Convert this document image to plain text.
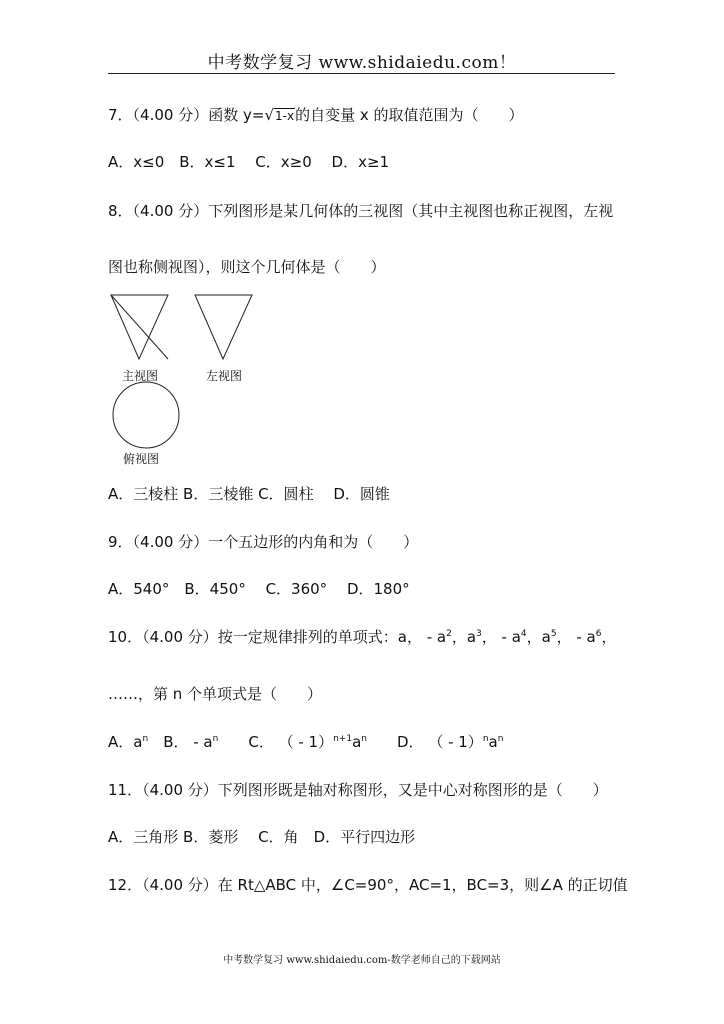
中考数学复习 www.shidaiedu.com！
7．（4.00 分）函数 y=√1-x的自变量 x 的取值范围为（　　）
A．x≤0　B．x≤1　 C．x≥0　 D．x≥1
8．（4.00 分）下列图形是某几何体的三视图（其中主视图也称正视图，左视
图也称侧视图），则这个几何体是（　　）
主视图	左视图
俯视图
A．三棱柱 B．三棱锥 C．圆柱　 D．圆锥
9．（4.00 分）一个五边形的内角和为（　　）
A．540°　B．450°　 C．360°　 D．180°
10．（4.00 分）按一定规律排列的单项式：a， - $a^2$，$a^3$， - $a^4$，$a^5$， - $a^6$，
……，第 n 个单项式是（　　）
A．$a^n$　B． - $a^n$　　C． （ - $1)^{n+1}a^n$　　D． （ - $1)^na^n$
11．（4.00 分）下列图形既是轴对称图形，又是中心对称图形的是（　　）
A．三角形 B．菱形　 C．角　D．平行四边形
12．（4.00 分）在 Rt△ABC 中，∠C=90°，AC=1，BC=3，则∠A 的正切值
中考数学复习 www.shidaiedu.com-数学老师自己的下载网站
